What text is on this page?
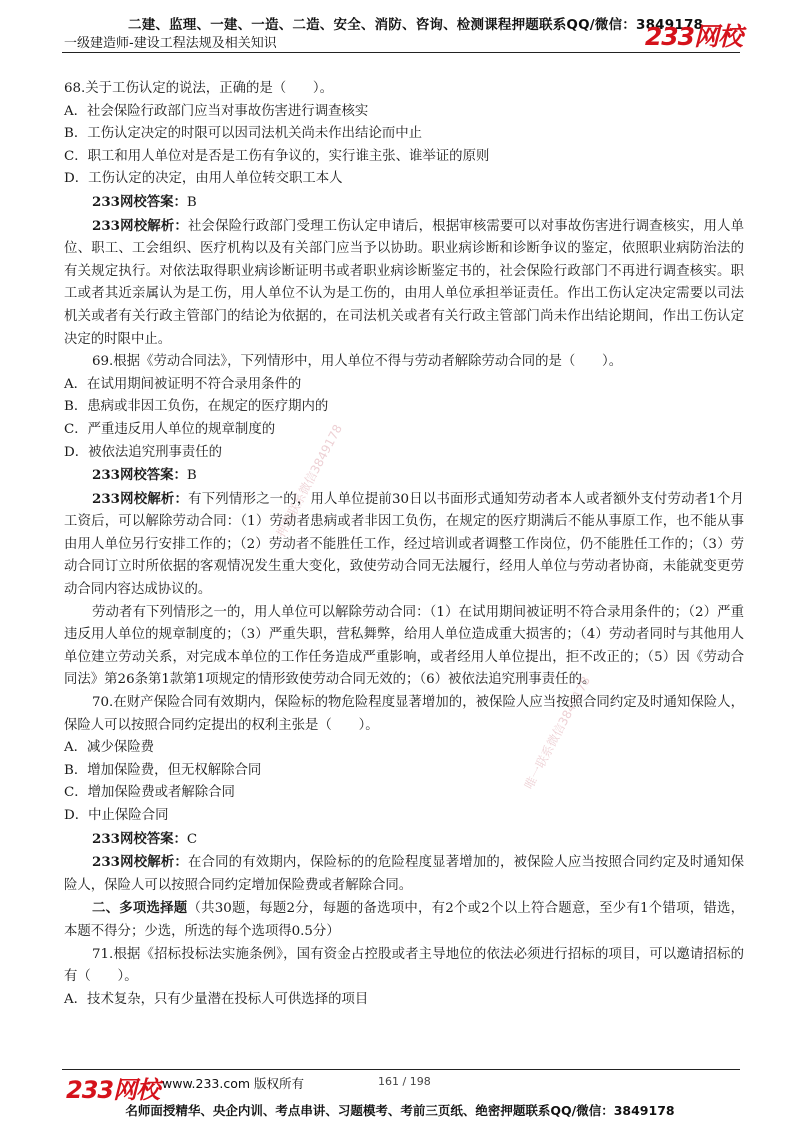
二建、监理、一建、一造、二造、安全、消防、咨询、检测课程押题联系QQ/微信：3849178
一级建造师-建设工程法规及相关知识	233网校
押题联系微信3849178
唯一联系微信3849178

68.关于工伤认定的说法，正确的是（　　）。

A．社会保险行政部门应当对事故伤害进行调查核实

B．工伤认定决定的时限可以因司法机关尚未作出结论而中止

C．职工和用人单位对是否是工伤有争议的，实行谁主张、谁举证的原则

D．工伤认定的决定，由用人单位转交职工本人

233网校答案：B

233网校解析：社会保险行政部门受理工伤认定申请后，根据审核需要可以对事故伤害进行调查核实，用人单位、职工、工会组织、医疗机构以及有关部门应当予以协助。职业病诊断和诊断争议的鉴定，依照职业病防治法的有关规定执行。对依法取得职业病诊断证明书或者职业病诊断鉴定书的，社会保险行政部门不再进行调查核实。职工或者其近亲属认为是工伤，用人单位不认为是工伤的，由用人单位承担举证责任。作出工伤认定决定需要以司法机关或者有关行政主管部门的结论为依据的，在司法机关或者有关行政主管部门尚未作出结论期间，作出工伤认定决定的时限中止。

69.根据《劳动合同法》，下列情形中，用人单位不得与劳动者解除劳动合同的是（　　）。

A．在试用期间被证明不符合录用条件的

B．患病或非因工负伤，在规定的医疗期内的

C．严重违反用人单位的规章制度的

D．被依法追究刑事责任的

233网校答案：B

233网校解析：有下列情形之一的，用人单位提前30日以书面形式通知劳动者本人或者额外支付劳动者1个月工资后，可以解除劳动合同：（1）劳动者患病或者非因工负伤，在规定的医疗期满后不能从事原工作，也不能从事由用人单位另行安排工作的；（2）劳动者不能胜任工作，经过培训或者调整工作岗位，仍不能胜任工作的；（3）劳动合同订立时所依据的客观情况发生重大变化，致使劳动合同无法履行，经用人单位与劳动者协商，未能就变更劳动合同内容达成协议的。

劳动者有下列情形之一的，用人单位可以解除劳动合同：（1）在试用期间被证明不符合录用条件的；（2）严重违反用人单位的规章制度的；（3）严重失职，营私舞弊，给用人单位造成重大损害的；（4）劳动者同时与其他用人单位建立劳动关系，对完成本单位的工作任务造成严重影响，或者经用人单位提出，拒不改正的；（5）因《劳动合同法》第26条第1款第1项规定的情形致使劳动合同无效的；（6）被依法追究刑事责任的。

70.在财产保险合同有效期内，保险标的物危险程度显著增加的，被保险人应当按照合同约定及时通知保险人，保险人可以按照合同约定提出的权利主张是（　　）。

A．减少保险费

B．增加保险费，但无权解除合同

C．增加保险费或者解除合同

D．中止保险合同

233网校答案：C

233网校解析：在合同的有效期内，保险标的的危险程度显著增加的，被保险人应当按照合同约定及时通知保险人，保险人可以按照合同约定增加保险费或者解除合同。

二、多项选择题（共30题，每题2分，每题的备选项中，有2个或2个以上符合题意，至少有1个错项，错选，本题不得分；少选，所选的每个选项得0.5分）

71.根据《招标投标法实施条例》，国有资金占控股或者主导地位的依法必须进行招标的项目，可以邀请招标的有（　　）。

A．技术复杂，只有少量潜在投标人可供选择的项目

233网校 www.233.com 版权所有	161 / 198
名师面授精华、央企内训、考点串讲、习题模考、考前三页纸、绝密押题联系QQ/微信：3849178
